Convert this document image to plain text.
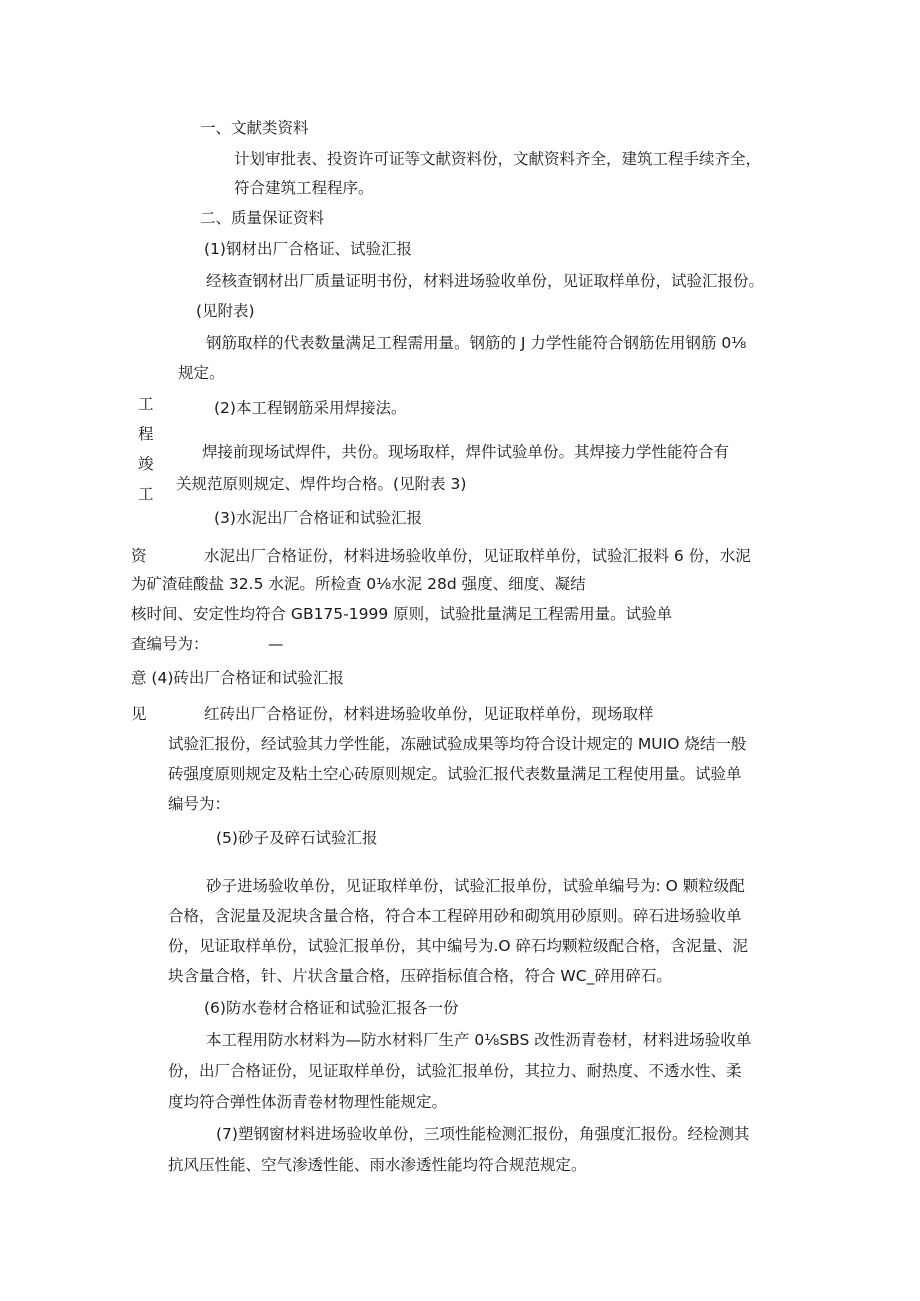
工
程
竣
工
一、文献类资料
计划审批表、投资许可证等文献资料份，文献资料齐全，建筑工程手续齐全，
符合建筑工程程序。
二、质量保证资料
(1)钢材出厂合格证、试验汇报
经核查钢材出厂质量证明书份，材料进场验收单份，见证取样单份，试验汇报份。
(见附表)
钢筋取样的代表数量满足工程需用量。钢筋的 J 力学性能符合钢筋佐用钢筋 0⅛
规定。
(2)本工程钢筋采用焊接法。
焊接前现场试焊件，共份。现场取样，焊件试验单份。其焊接力学性能符合有
关规范原则规定、焊件均合格。(见附表 3)
(3)水泥出厂合格证和试验汇报
资	水泥出厂合格证份，材料进场验收单份，见证取样单份，试验汇报料 6 份，水泥
为矿渣硅酸盐 32.5 水泥。所检查 0⅛水泥 28d 强度、细度、凝结
核时间、安定性均符合 GB175-1999 原则，试验批量满足工程需用量。试验单
查编号为：	—
意 (4)砖出厂合格证和试验汇报
见	红砖出厂合格证份，材料进场验收单份，见证取样单份，现场取样
试验汇报份，经试验其力学性能，冻融试验成果等均符合设计规定的 MUIO 烧结一般
砖强度原则规定及粘土空心砖原则规定。试验汇报代表数量满足工程使用量。试验单
编号为：
(5)砂子及碎石试验汇报
砂子进场验收单份，见证取样单份，试验汇报单份，试验单编号为: O 颗粒级配
合格，含泥量及泥块含量合格，符合本工程碎用砂和砌筑用砂原则。碎石进场验收单
份，见证取样单份，试验汇报单份，其中编号为.O 碎石均颗粒级配合格，含泥量、泥
块含量合格，针、片状含量合格，压碎指标值合格，符合 WC_碎用碎石。
(6)防水卷材合格证和试验汇报各一份
本工程用防水材料为—防水材料厂生产 0⅛SBS 改性沥青卷材，材料进场验收单
份，出厂合格证份，见证取样单份，试验汇报单份，其拉力、耐热度、不透水性、柔
度均符合弹性体沥青卷材物理性能规定。
(7)塑钢窗材料进场验收单份，三项性能检测汇报份，角强度汇报份。经检测其
抗风压性能、空气渗透性能、雨水渗透性能均符合规范规定。
